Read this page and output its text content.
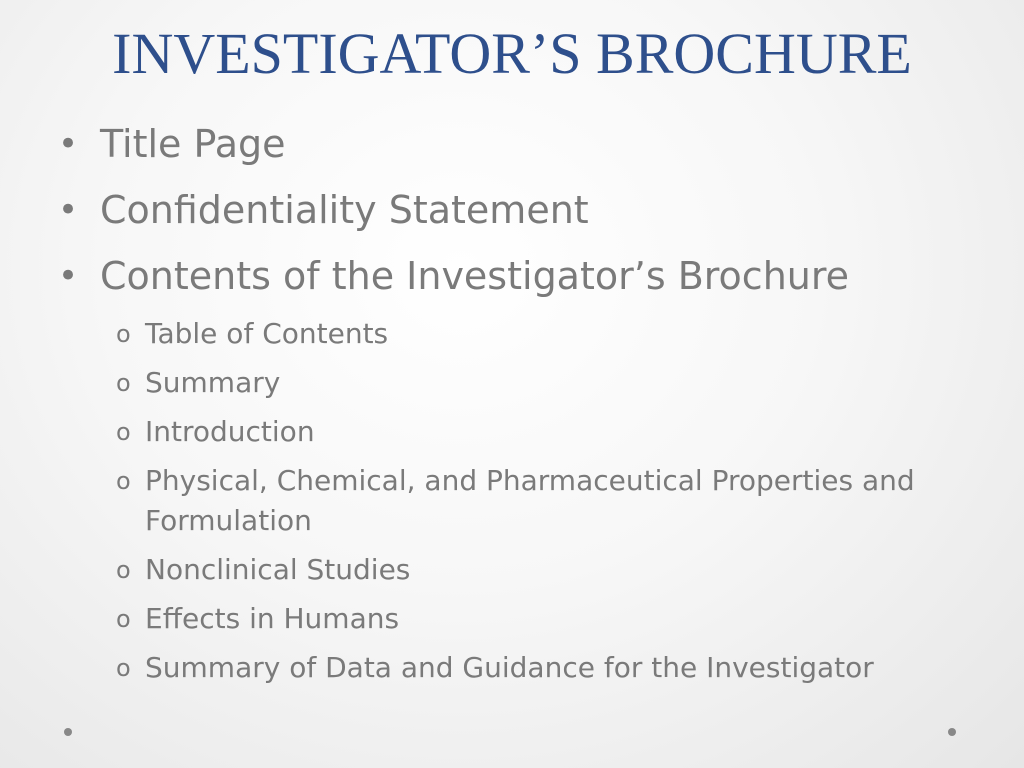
INVESTIGATOR’S BROCHURE
• Title Page
• Confidentiality Statement
• Contents of the Investigator’s Brochure
o Table of Contents
o Summary
o Introduction
o Physical, Chemical, and Pharmaceutical Properties and Formulation
o Nonclinical Studies
o Effects in Humans
o Summary of Data and Guidance for the Investigator
